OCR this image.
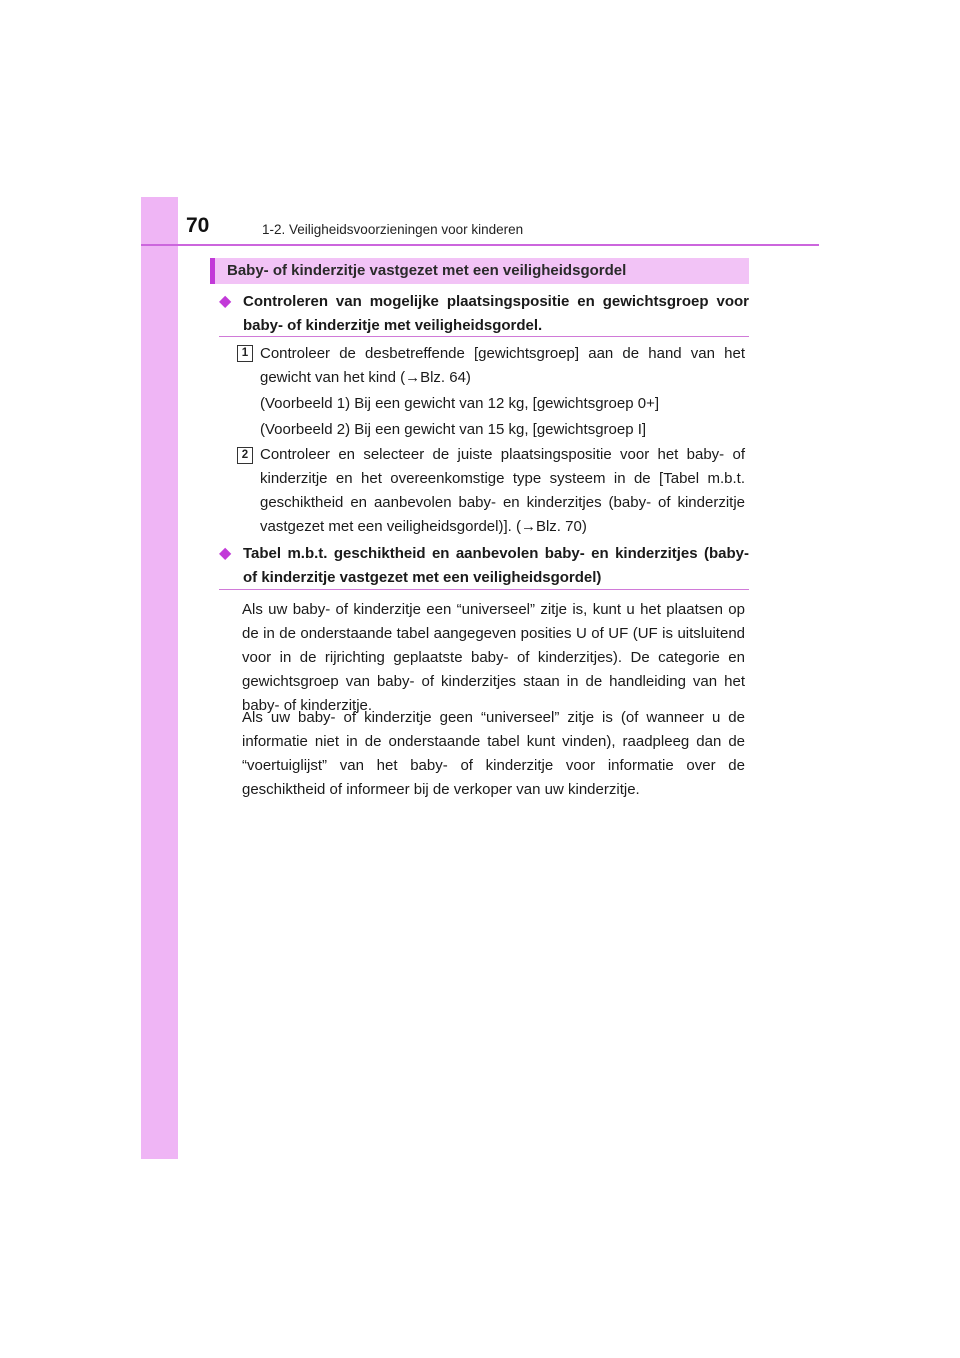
70	1-2. Veiligheidsvoorzieningen voor kinderen
Baby- of kinderzitje vastgezet met een veiligheidsgordel
◆ Controleren van mogelijke plaatsingspositie en gewichtsgroep voor baby- of kinderzitje met veiligheidsgordel.
1 Controleer de desbetreffende [gewichtsgroep] aan de hand van het gewicht van het kind (→Blz. 64)

(Voorbeeld 1) Bij een gewicht van 12 kg, [gewichtsgroep 0+]

(Voorbeeld 2) Bij een gewicht van 15 kg, [gewichtsgroep I]

2 Controleer en selecteer de juiste plaatsingspositie voor het baby- of kinderzitje en het overeenkomstige type systeem in de [Tabel m.b.t. geschiktheid en aanbevolen baby- en kinderzitjes (baby- of kinderzitje vastgezet met een veiligheidsgordel)]. (→Blz. 70)

◆ Tabel m.b.t. geschiktheid en aanbevolen baby- en kinderzitjes (baby- of kinderzitje vastgezet met een veiligheidsgordel)

Als uw baby- of kinderzitje een “universeel” zitje is, kunt u het plaatsen op de in de onderstaande tabel aangegeven posities U of UF (UF is uitsluitend voor in de rijrichting geplaatste baby- of kinderzitjes). De categorie en gewichtsgroep van baby- of kinderzitjes staan in de handleiding van het baby- of kinderzitje.

Als uw baby- of kinderzitje geen “universeel” zitje is (of wanneer u de informatie niet in de onderstaande tabel kunt vinden), raadpleeg dan de “voertuiglijst” van het baby- of kinderzitje voor informatie over de geschiktheid of informeer bij de verkoper van uw kinderzitje.
